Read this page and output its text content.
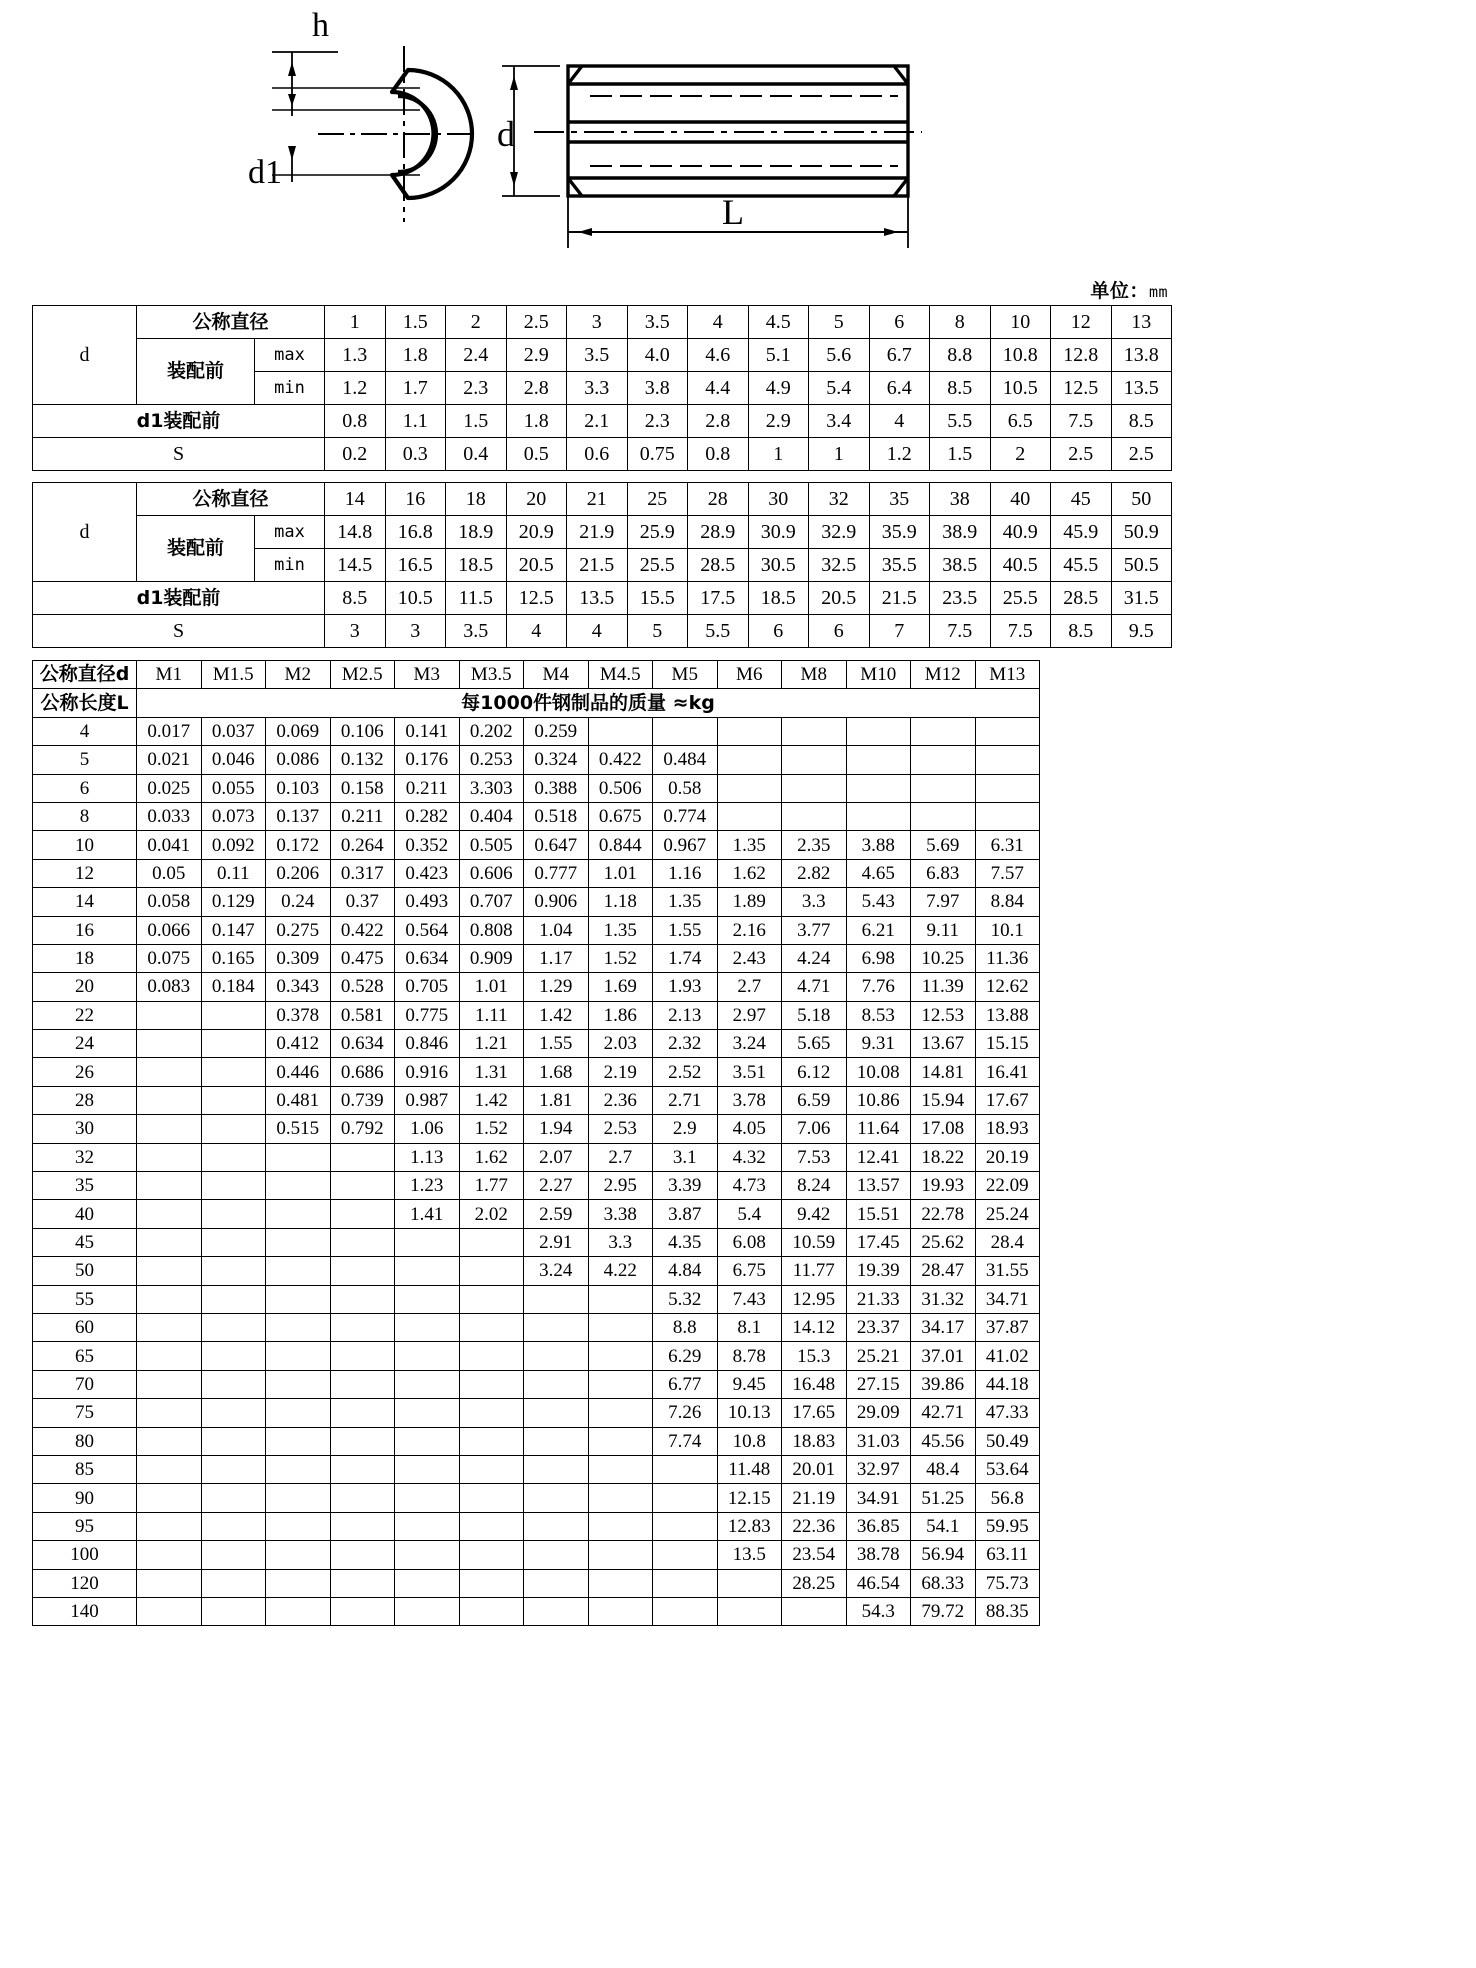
h
d1
d
L
单位：mm
d	公称直径		1	1.5	2	2.5	3	3.5	4	4.5	5	6	8	10	12	13
	装配前	max	1.3	1.8	2.4	2.9	3.5	4.0	4.6	5.1	5.6	6.7	8.8	10.8	12.8	13.8
		min	1.2	1.7	2.3	2.8	3.3	3.8	4.4	4.9	5.4	6.4	8.5	10.5	12.5	13.5
d1装配前			0.8	1.1	1.5	1.8	2.1	2.3	2.8	2.9	3.4	4	5.5	6.5	7.5	8.5
S			0.2	0.3	0.4	0.5	0.6	0.75	0.8	1	1	1.2	1.5	2	2.5	2.5
d	公称直径		14	16	18	20	21	25	28	30	32	35	38	40	45	50
	装配前	max	14.8	16.8	18.9	20.9	21.9	25.9	28.9	30.9	32.9	35.9	38.9	40.9	45.9	50.9
		min	14.5	16.5	18.5	20.5	21.5	25.5	28.5	30.5	32.5	35.5	38.5	40.5	45.5	50.5
d1装配前			8.5	10.5	11.5	12.5	13.5	15.5	17.5	18.5	20.5	21.5	23.5	25.5	28.5	31.5
S			3	3	3.5	4	4	5	5.5	6	6	7	7.5	7.5	8.5	9.5
公称直径d	M1	M1.5	M2	M2.5	M3	M3.5	M4	M4.5	M5	M6	M8	M10	M12	M13
公称长度L	每1000件钢制品的质量 ≈kg													
4	0.017	0.037	0.069	0.106	0.141	0.202	0.259							
5	0.021	0.046	0.086	0.132	0.176	0.253	0.324	0.422	0.484					
6	0.025	0.055	0.103	0.158	0.211	3.303	0.388	0.506	0.58					
8	0.033	0.073	0.137	0.211	0.282	0.404	0.518	0.675	0.774					
10	0.041	0.092	0.172	0.264	0.352	0.505	0.647	0.844	0.967	1.35	2.35	3.88	5.69	6.31
12	0.05	0.11	0.206	0.317	0.423	0.606	0.777	1.01	1.16	1.62	2.82	4.65	6.83	7.57
14	0.058	0.129	0.24	0.37	0.493	0.707	0.906	1.18	1.35	1.89	3.3	5.43	7.97	8.84
16	0.066	0.147	0.275	0.422	0.564	0.808	1.04	1.35	1.55	2.16	3.77	6.21	9.11	10.1
18	0.075	0.165	0.309	0.475	0.634	0.909	1.17	1.52	1.74	2.43	4.24	6.98	10.25	11.36
20	0.083	0.184	0.343	0.528	0.705	1.01	1.29	1.69	1.93	2.7	4.71	7.76	11.39	12.62
22			0.378	0.581	0.775	1.11	1.42	1.86	2.13	2.97	5.18	8.53	12.53	13.88
24			0.412	0.634	0.846	1.21	1.55	2.03	2.32	3.24	5.65	9.31	13.67	15.15
26			0.446	0.686	0.916	1.31	1.68	2.19	2.52	3.51	6.12	10.08	14.81	16.41
28			0.481	0.739	0.987	1.42	1.81	2.36	2.71	3.78	6.59	10.86	15.94	17.67
30			0.515	0.792	1.06	1.52	1.94	2.53	2.9	4.05	7.06	11.64	17.08	18.93
32					1.13	1.62	2.07	2.7	3.1	4.32	7.53	12.41	18.22	20.19
35					1.23	1.77	2.27	2.95	3.39	4.73	8.24	13.57	19.93	22.09
40					1.41	2.02	2.59	3.38	3.87	5.4	9.42	15.51	22.78	25.24
45							2.91	3.3	4.35	6.08	10.59	17.45	25.62	28.4
50							3.24	4.22	4.84	6.75	11.77	19.39	28.47	31.55
55									5.32	7.43	12.95	21.33	31.32	34.71
60									8.8	8.1	14.12	23.37	34.17	37.87
65									6.29	8.78	15.3	25.21	37.01	41.02
70									6.77	9.45	16.48	27.15	39.86	44.18
75									7.26	10.13	17.65	29.09	42.71	47.33
80									7.74	10.8	18.83	31.03	45.56	50.49
85										11.48	20.01	32.97	48.4	53.64
90										12.15	21.19	34.91	51.25	56.8
95										12.83	22.36	36.85	54.1	59.95
100										13.5	23.54	38.78	56.94	63.11
120											28.25	46.54	68.33	75.73
140												54.3	79.72	88.35
